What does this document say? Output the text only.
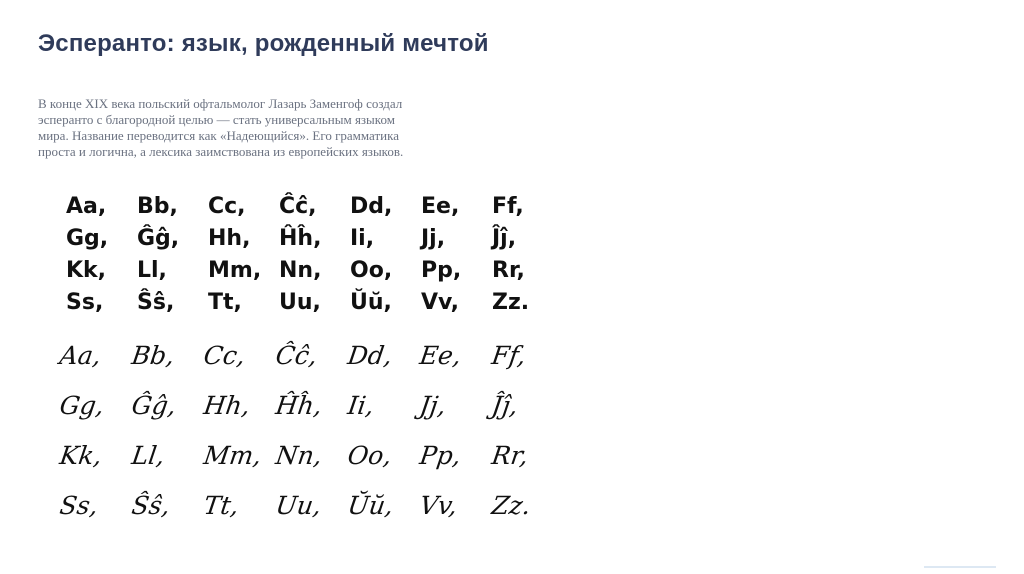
Эсперанто: язык, рожденный мечтой

В конце XIX века польский офтальмолог Лазарь Заменгоф создал
эсперанто с благородной целью — стать универсальным языком
мира. Название переводится как «Надеющийся». Его грамматика
проста и логична, а лексика заимствована из европейских языков.

Aa,	Bb,	Cc,	Ĉĉ,	Dd,	Ee,	Ff,
Gg,	Ĝĝ,	Hh,	Ĥĥ,	Ii,	Jj,	Ĵĵ,
Kk,	Ll,	Mm, Nn,	Oo,	Pp,	Rr,
Ss,	Ŝŝ,	Tt,	Uu,	Ŭŭ,	Vv,	Zz.
Aa,	Bb,	Cc,	Ĉĉ,	Dd, Ee,	Ff,
Gg, Ĝĝ, Hh, Ĥĥ, Ii,	Jj,	Ĵĵ,
Kk,	Ll,	Mm, Nn, Oo, Pp,	Rr,
Ss,	Ŝŝ,	Tt,	Uu, Ŭŭ, Vv,	Zz.
